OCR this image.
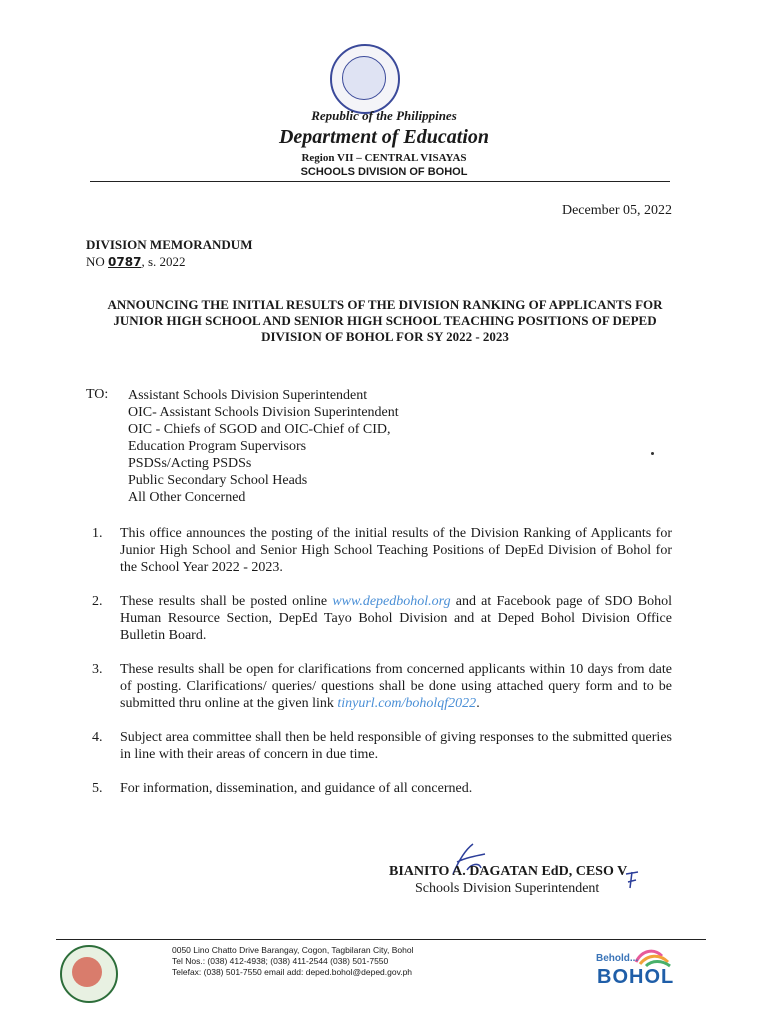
Republic of the Philippines
Department of Education
Region VII – CENTRAL VISAYAS
SCHOOLS DIVISION OF BOHOL
December 05, 2022
DIVISION MEMORANDUM
NO 0787, s. 2022
ANNOUNCING THE INITIAL RESULTS OF THE DIVISION RANKING OF APPLICANTS FOR JUNIOR HIGH SCHOOL AND SENIOR HIGH SCHOOL TEACHING POSITIONS OF DEPED DIVISION OF BOHOL FOR SY 2022 - 2023
TO: Assistant Schools Division Superintendent
OIC- Assistant Schools Division Superintendent
OIC - Chiefs of SGOD and OIC-Chief of CID,
Education Program Supervisors
PSDSs/Acting PSDSs
Public Secondary School Heads
All Other Concerned
1.	This office announces the posting of the initial results of the Division Ranking of Applicants for Junior High School and Senior High School Teaching Positions of DepEd Division of Bohol for the School Year 2022 - 2023.
2.	These results shall be posted online www.depedbohol.org and at Facebook page of SDO Bohol Human Resource Section, DepEd Tayo Bohol Division and at Deped Bohol Division Office Bulletin Board.
3.	These results shall be open for clarifications from concerned applicants within 10 days from date of posting. Clarifications/ queries/ questions shall be done using attached query form and to be submitted thru online at the given link tinyurl.com/boholqf2022.
4.	Subject area committee shall then be held responsible of giving responses to the submitted queries in line with their areas of concern in due time.
5.	For information, dissemination, and guidance of all concerned.
BIANITO A. DAGATAN EdD, CESO V
Schools Division Superintendent
0050 Lino Chatto Drive Barangay, Cogon, Tagbilaran City, Bohol
Tel Nos.: (038) 412-4938; (038) 411-2544 (038) 501-7550
Telefax: (038) 501-7550 email add: deped.bohol@deped.gov.ph
Behold...
BOHOL
